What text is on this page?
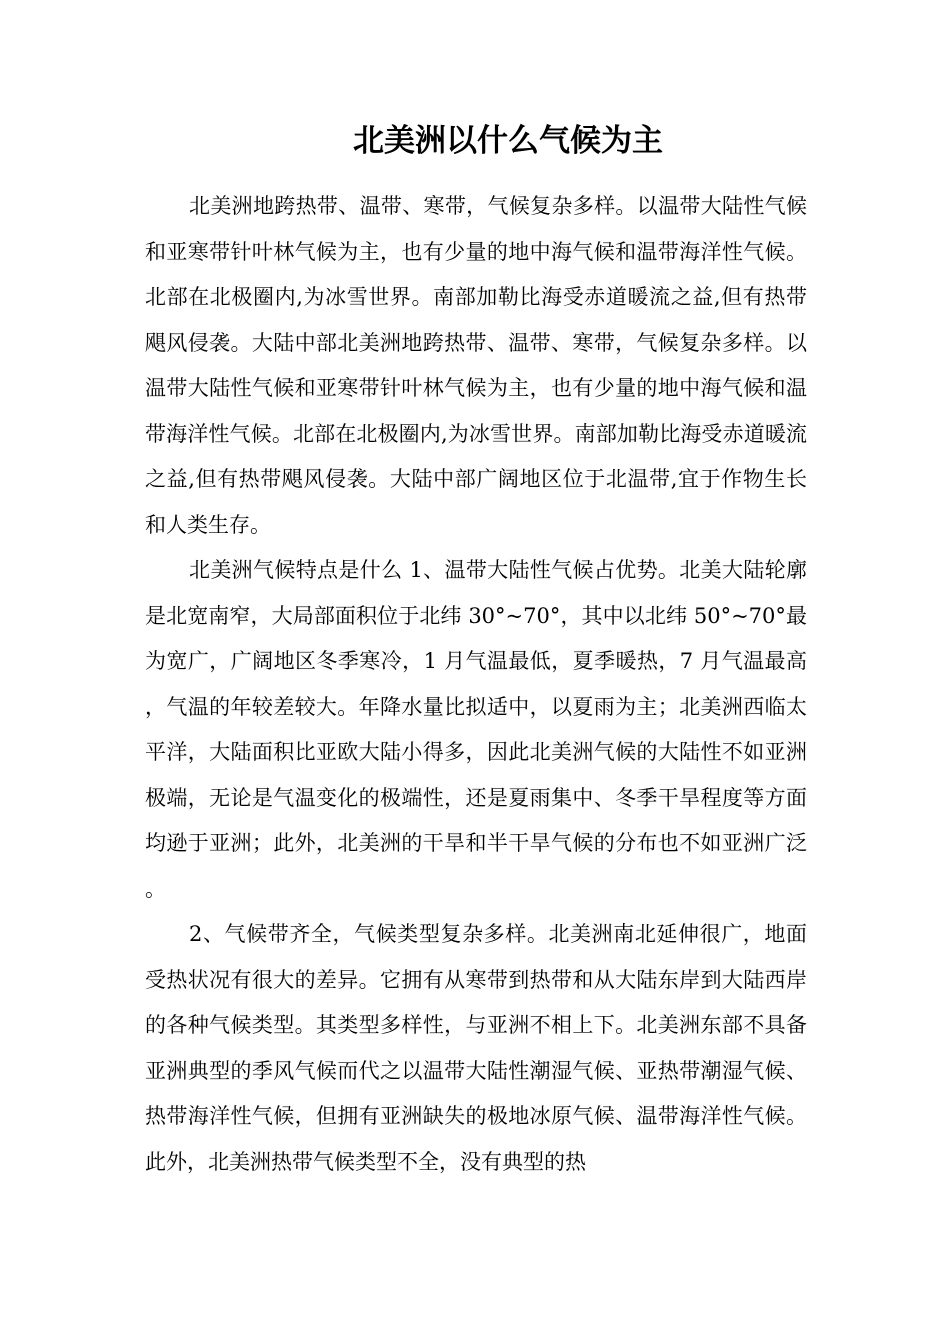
北美洲以什么气候为主

北美洲地跨热带、温带、寒带，气候复杂多样。以温带大陆性气候和亚寒带针叶林气候为主，也有少量的地中海气候和温带海洋性气候。北部在北极圈内,为冰雪世界。南部加勒比海受赤道暖流之益,但有热带飓风侵袭。大陆中部北美洲地跨热带、温带、寒带，气候复杂多样。以温带大陆性气候和亚寒带针叶林气候为主，也有少量的地中海气候和温带海洋性气候。北部在北极圈内,为冰雪世界。南部加勒比海受赤道暖流之益,但有热带飓风侵袭。大陆中部广阔地区位于北温带,宜于作物生长和人类生存。

北美洲气候特点是什么 1、温带大陆性气候占优势。北美大陆轮廓是北宽南窄，大局部面积位于北纬 30°~70°，其中以北纬 50°~70°最为宽广，广阔地区冬季寒冷，1 月气温最低，夏季暖热，7 月气温最高，气温的年较差较大。年降水量比拟适中，以夏雨为主；北美洲西临太平洋，大陆面积比亚欧大陆小得多，因此北美洲气候的大陆性不如亚洲极端，无论是气温变化的极端性，还是夏雨集中、冬季干旱程度等方面均逊于亚洲；此外，北美洲的干旱和半干旱气候的分布也不如亚洲广泛。

2、气候带齐全，气候类型复杂多样。北美洲南北延伸很广，地面受热状况有很大的差异。它拥有从寒带到热带和从大陆东岸到大陆西岸的各种气候类型。其类型多样性，与亚洲不相上下。北美洲东部不具备亚洲典型的季风气候而代之以温带大陆性潮湿气候、亚热带潮湿气候、热带海洋性气候，但拥有亚洲缺失的极地冰原气候、温带海洋性气候。此外，北美洲热带气候类型不全，没有典型的热
